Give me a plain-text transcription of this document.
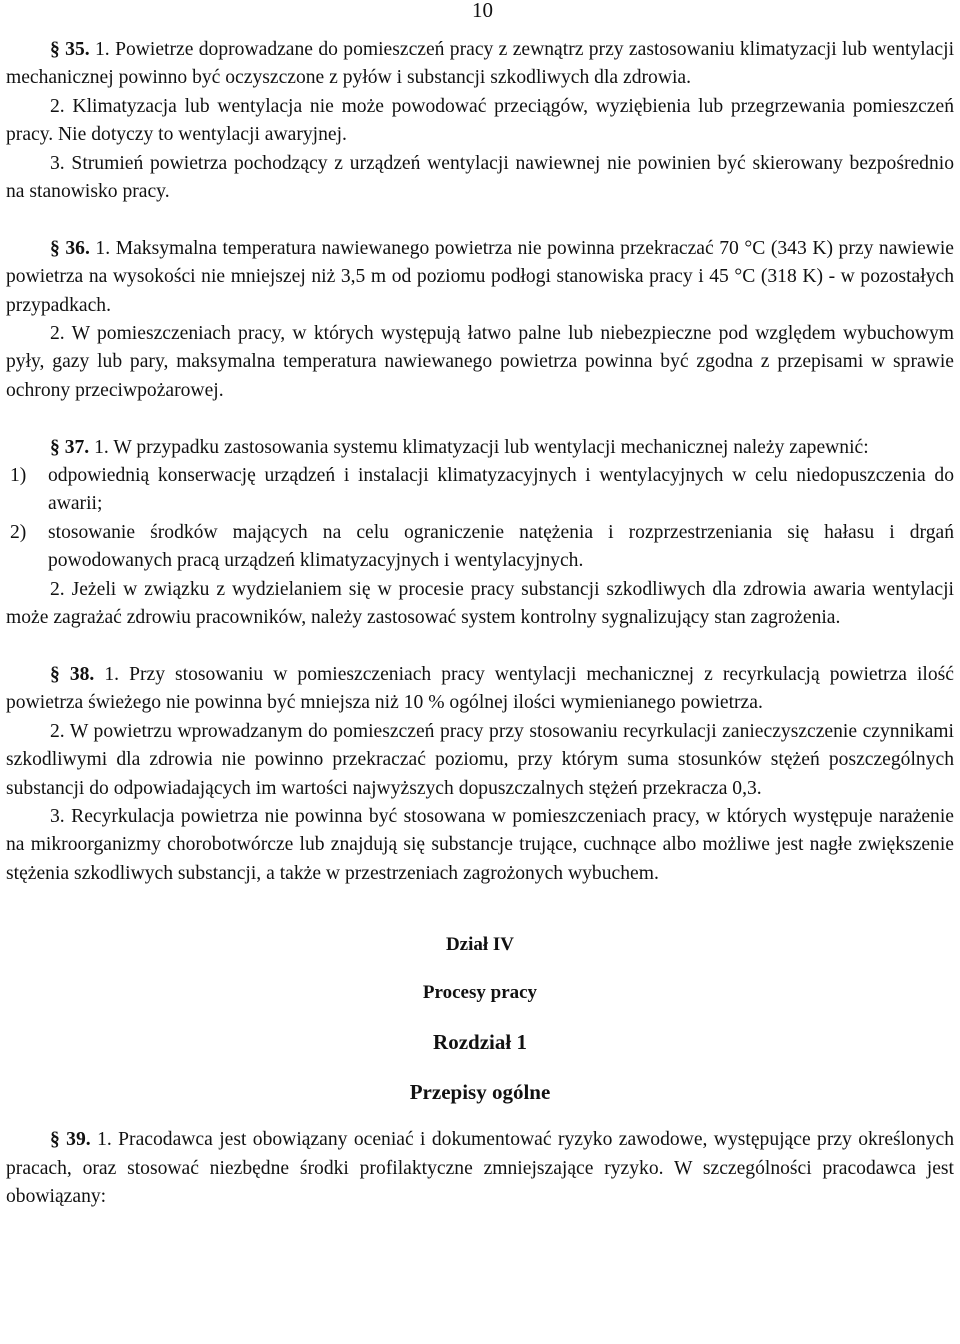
10

§ 35. 1. Powietrze doprowadzane do pomieszczeń pracy z zewnątrz przy zastosowaniu klimatyzacji lub wentylacji mechanicznej powinno być oczyszczone z pyłów i substancji szkodliwych dla zdrowia.

2. Klimatyzacja lub wentylacja nie może powodować przeciągów, wyziębienia lub przegrzewania pomieszczeń pracy. Nie dotyczy to wentylacji awaryjnej.

3. Strumień powietrza pochodzący z urządzeń wentylacji nawiewnej nie powinien być skierowany bezpośrednio na stanowisko pracy.

§ 36. 1. Maksymalna temperatura nawiewanego powietrza nie powinna przekraczać 70 °C (343 K) przy nawiewie powietrza na wysokości nie mniejszej niż 3,5 m od poziomu podłogi stanowiska pracy i 45 °C (318 K) - w pozostałych przypadkach.

2. W pomieszczeniach pracy, w których występują łatwo palne lub niebezpieczne pod względem wybuchowym pyły, gazy lub pary, maksymalna temperatura nawiewanego powietrza powinna być zgodna z przepisami w sprawie ochrony przeciwpożarowej.

§ 37. 1. W przypadku zastosowania systemu klimatyzacji lub wentylacji mechanicznej należy zapewnić:

1) odpowiednią konserwację urządzeń i instalacji klimatyzacyjnych i wentylacyjnych w celu niedopuszczenia do awarii;
2) stosowanie środków mających na celu ograniczenie natężenia i rozprzestrzeniania się hałasu i drgań powodowanych pracą urządzeń klimatyzacyjnych i wentylacyjnych.

2. Jeżeli w związku z wydzielaniem się w procesie pracy substancji szkodliwych dla zdrowia awaria wentylacji może zagrażać zdrowiu pracowników, należy zastosować system kontrolny sygnalizujący stan zagrożenia.

§ 38. 1. Przy stosowaniu w pomieszczeniach pracy wentylacji mechanicznej z recyrkulacją powietrza ilość powietrza świeżego nie powinna być mniejsza niż 10 % ogólnej ilości wymienianego powietrza.

2. W powietrzu wprowadzanym do pomieszczeń pracy przy stosowaniu recyrkulacji zanieczyszczenie czynnikami szkodliwymi dla zdrowia nie powinno przekraczać poziomu, przy którym suma stosunków stężeń poszczególnych substancji do odpowiadających im wartości najwyższych dopuszczalnych stężeń przekracza 0,3.

3. Recyrkulacja powietrza nie powinna być stosowana w pomieszczeniach pracy, w których występuje narażenie na mikroorganizmy chorobotwórcze lub znajdują się substancje trujące, cuchnące albo możliwe jest nagłe zwiększenie stężenia szkodliwych substancji, a także w przestrzeniach zagrożonych wybuchem.

Dział IV

Procesy pracy

Rozdział 1

Przepisy ogólne

§ 39. 1. Pracodawca jest obowiązany oceniać i dokumentować ryzyko zawodowe, występujące przy określonych pracach, oraz stosować niezbędne środki profilaktyczne zmniejszające ryzyko. W szczególności pracodawca jest obowiązany:
